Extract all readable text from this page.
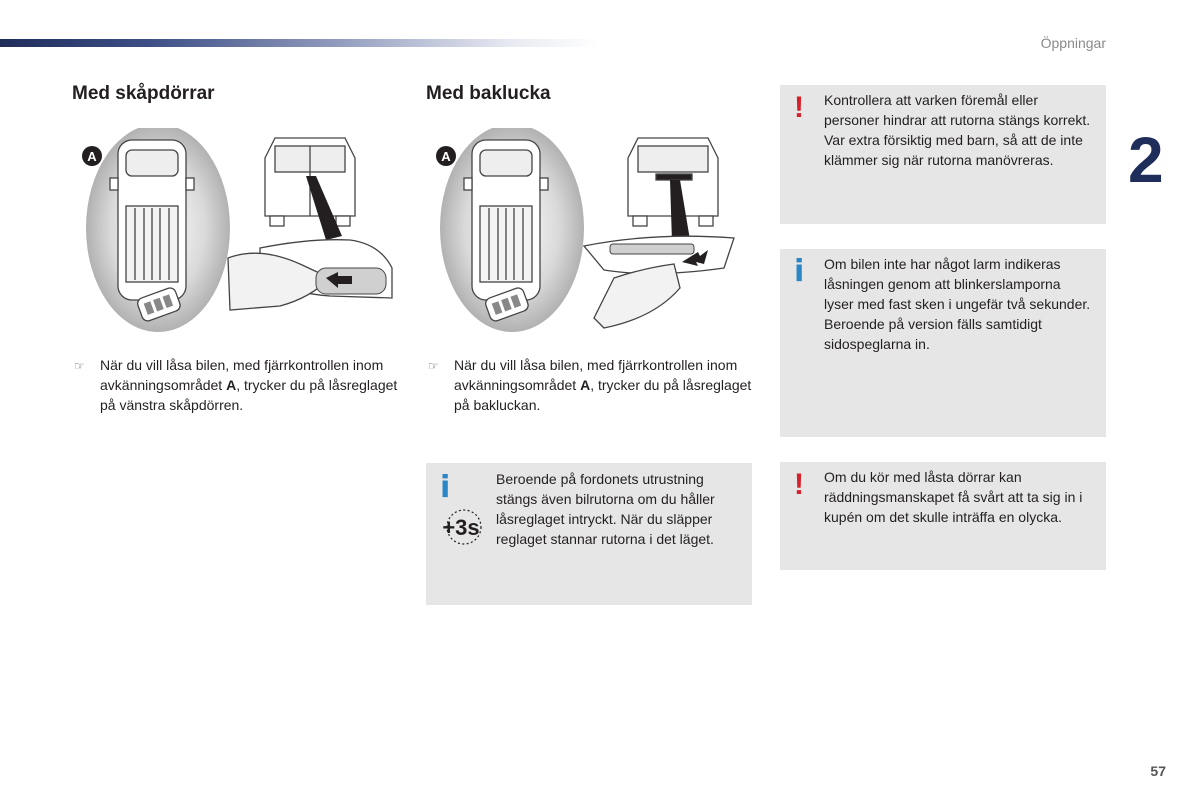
Öppningar
2
Med skåpdörrar
A
☞ När du vill låsa bilen, med fjärrkontrollen inom avkänningsområdet A, trycker du på låsreglaget på vänstra skåpdörren.
Med baklucka
A
☞ När du vill låsa bilen, med fjärrkontrollen inom avkänningsområdet A, trycker du på låsreglaget på bakluckan.
i
+3s
Beroende på fordonets utrustning stängs även bilrutorna om du håller låsreglaget intryckt. När du släpper reglaget stannar rutorna i det läget.
! Kontrollera att varken föremål eller personer hindrar att rutorna stängs korrekt.
Var extra försiktig med barn, så att de inte klämmer sig när rutorna manövreras.
i Om bilen inte har något larm indikeras låsningen genom att blinkerslamporna lyser med fast sken i ungefär två sekunder.
Beroende på version fälls samtidigt sidospeglarna in.
! Om du kör med låsta dörrar kan räddningsmanskapet få svårt att ta sig in i kupén om det skulle inträffa en olycka.
57
